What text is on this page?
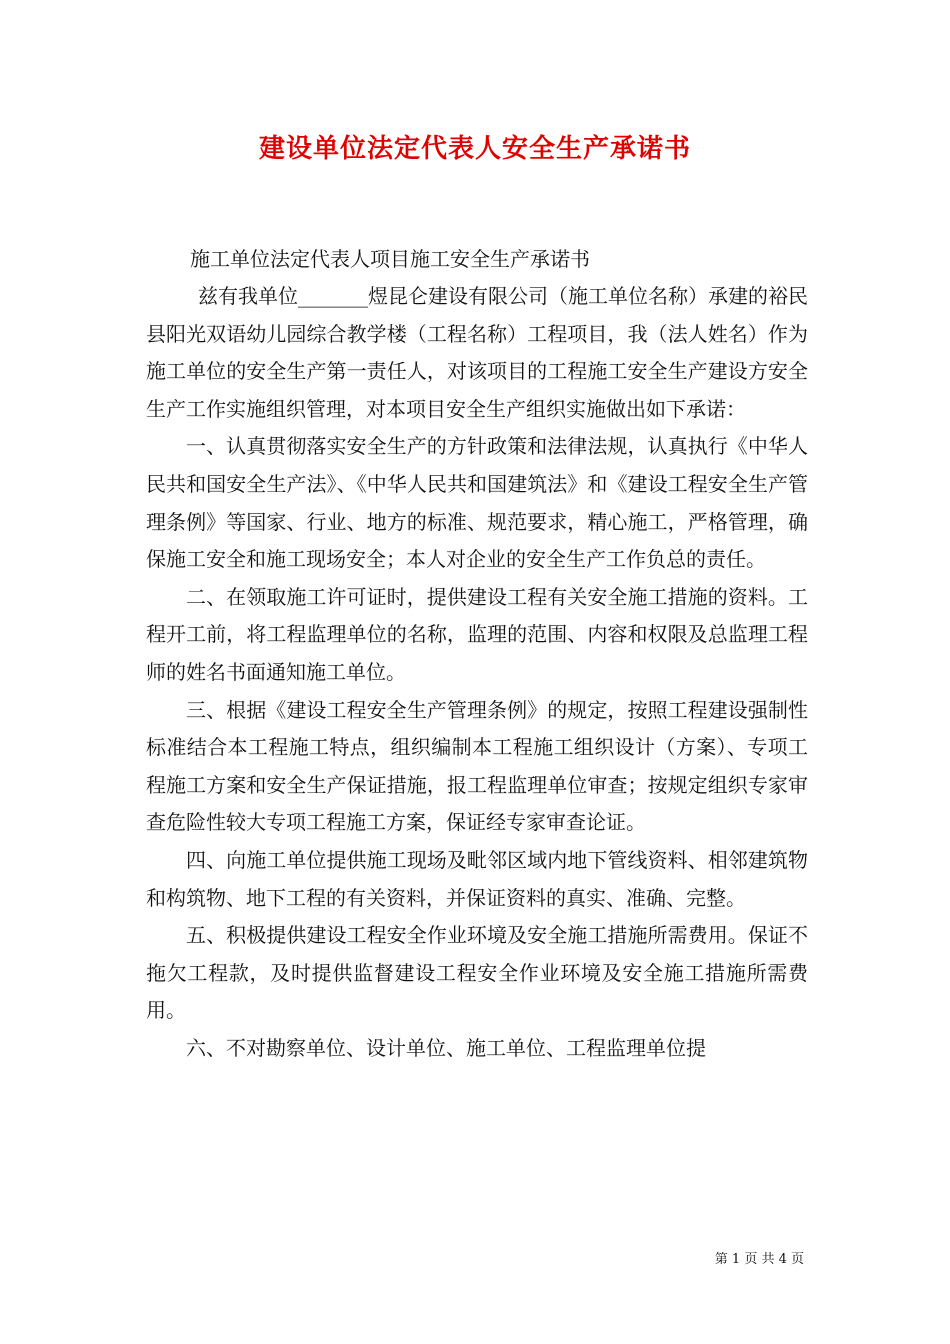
建设单位法定代表人安全生产承诺书
施工单位法定代表人项目施工安全生产承诺书

兹有我单位_______煜昆仑建设有限公司（施工单位名称）承建的裕民县阳光双语幼儿园综合教学楼（工程名称）工程项目，我（法人姓名）作为施工单位的安全生产第一责任人，对该项目的工程施工安全生产建设方安全生产工作实施组织管理，对本项目安全生产组织实施做出如下承诺：

一、认真贯彻落实安全生产的方针政策和法律法规，认真执行《中华人民共和国安全生产法》、《中华人民共和国建筑法》和《建设工程安全生产管理条例》等国家、行业、地方的标准、规范要求，精心施工，严格管理，确保施工安全和施工现场安全；本人对企业的安全生产工作负总的责任。

二、在领取施工许可证时，提供建设工程有关安全施工措施的资料。工程开工前，将工程监理单位的名称，监理的范围、内容和权限及总监理工程师的姓名书面通知施工单位。

三、根据《建设工程安全生产管理条例》的规定，按照工程建设强制性标准结合本工程施工特点，组织编制本工程施工组织设计（方案）、专项工程施工方案和安全生产保证措施，报工程监理单位审查；按规定组织专家审查危险性较大专项工程施工方案，保证经专家审查论证。

四、向施工单位提供施工现场及毗邻区域内地下管线资料、相邻建筑物和构筑物、地下工程的有关资料，并保证资料的真实、准确、完整。

五、积极提供建设工程安全作业环境及安全施工措施所需费用。保证不拖欠工程款，及时提供监督建设工程安全作业环境及安全施工措施所需费用。

六、不对勘察单位、设计单位、施工单位、工程监理单位提

第 1 页 共 4 页
